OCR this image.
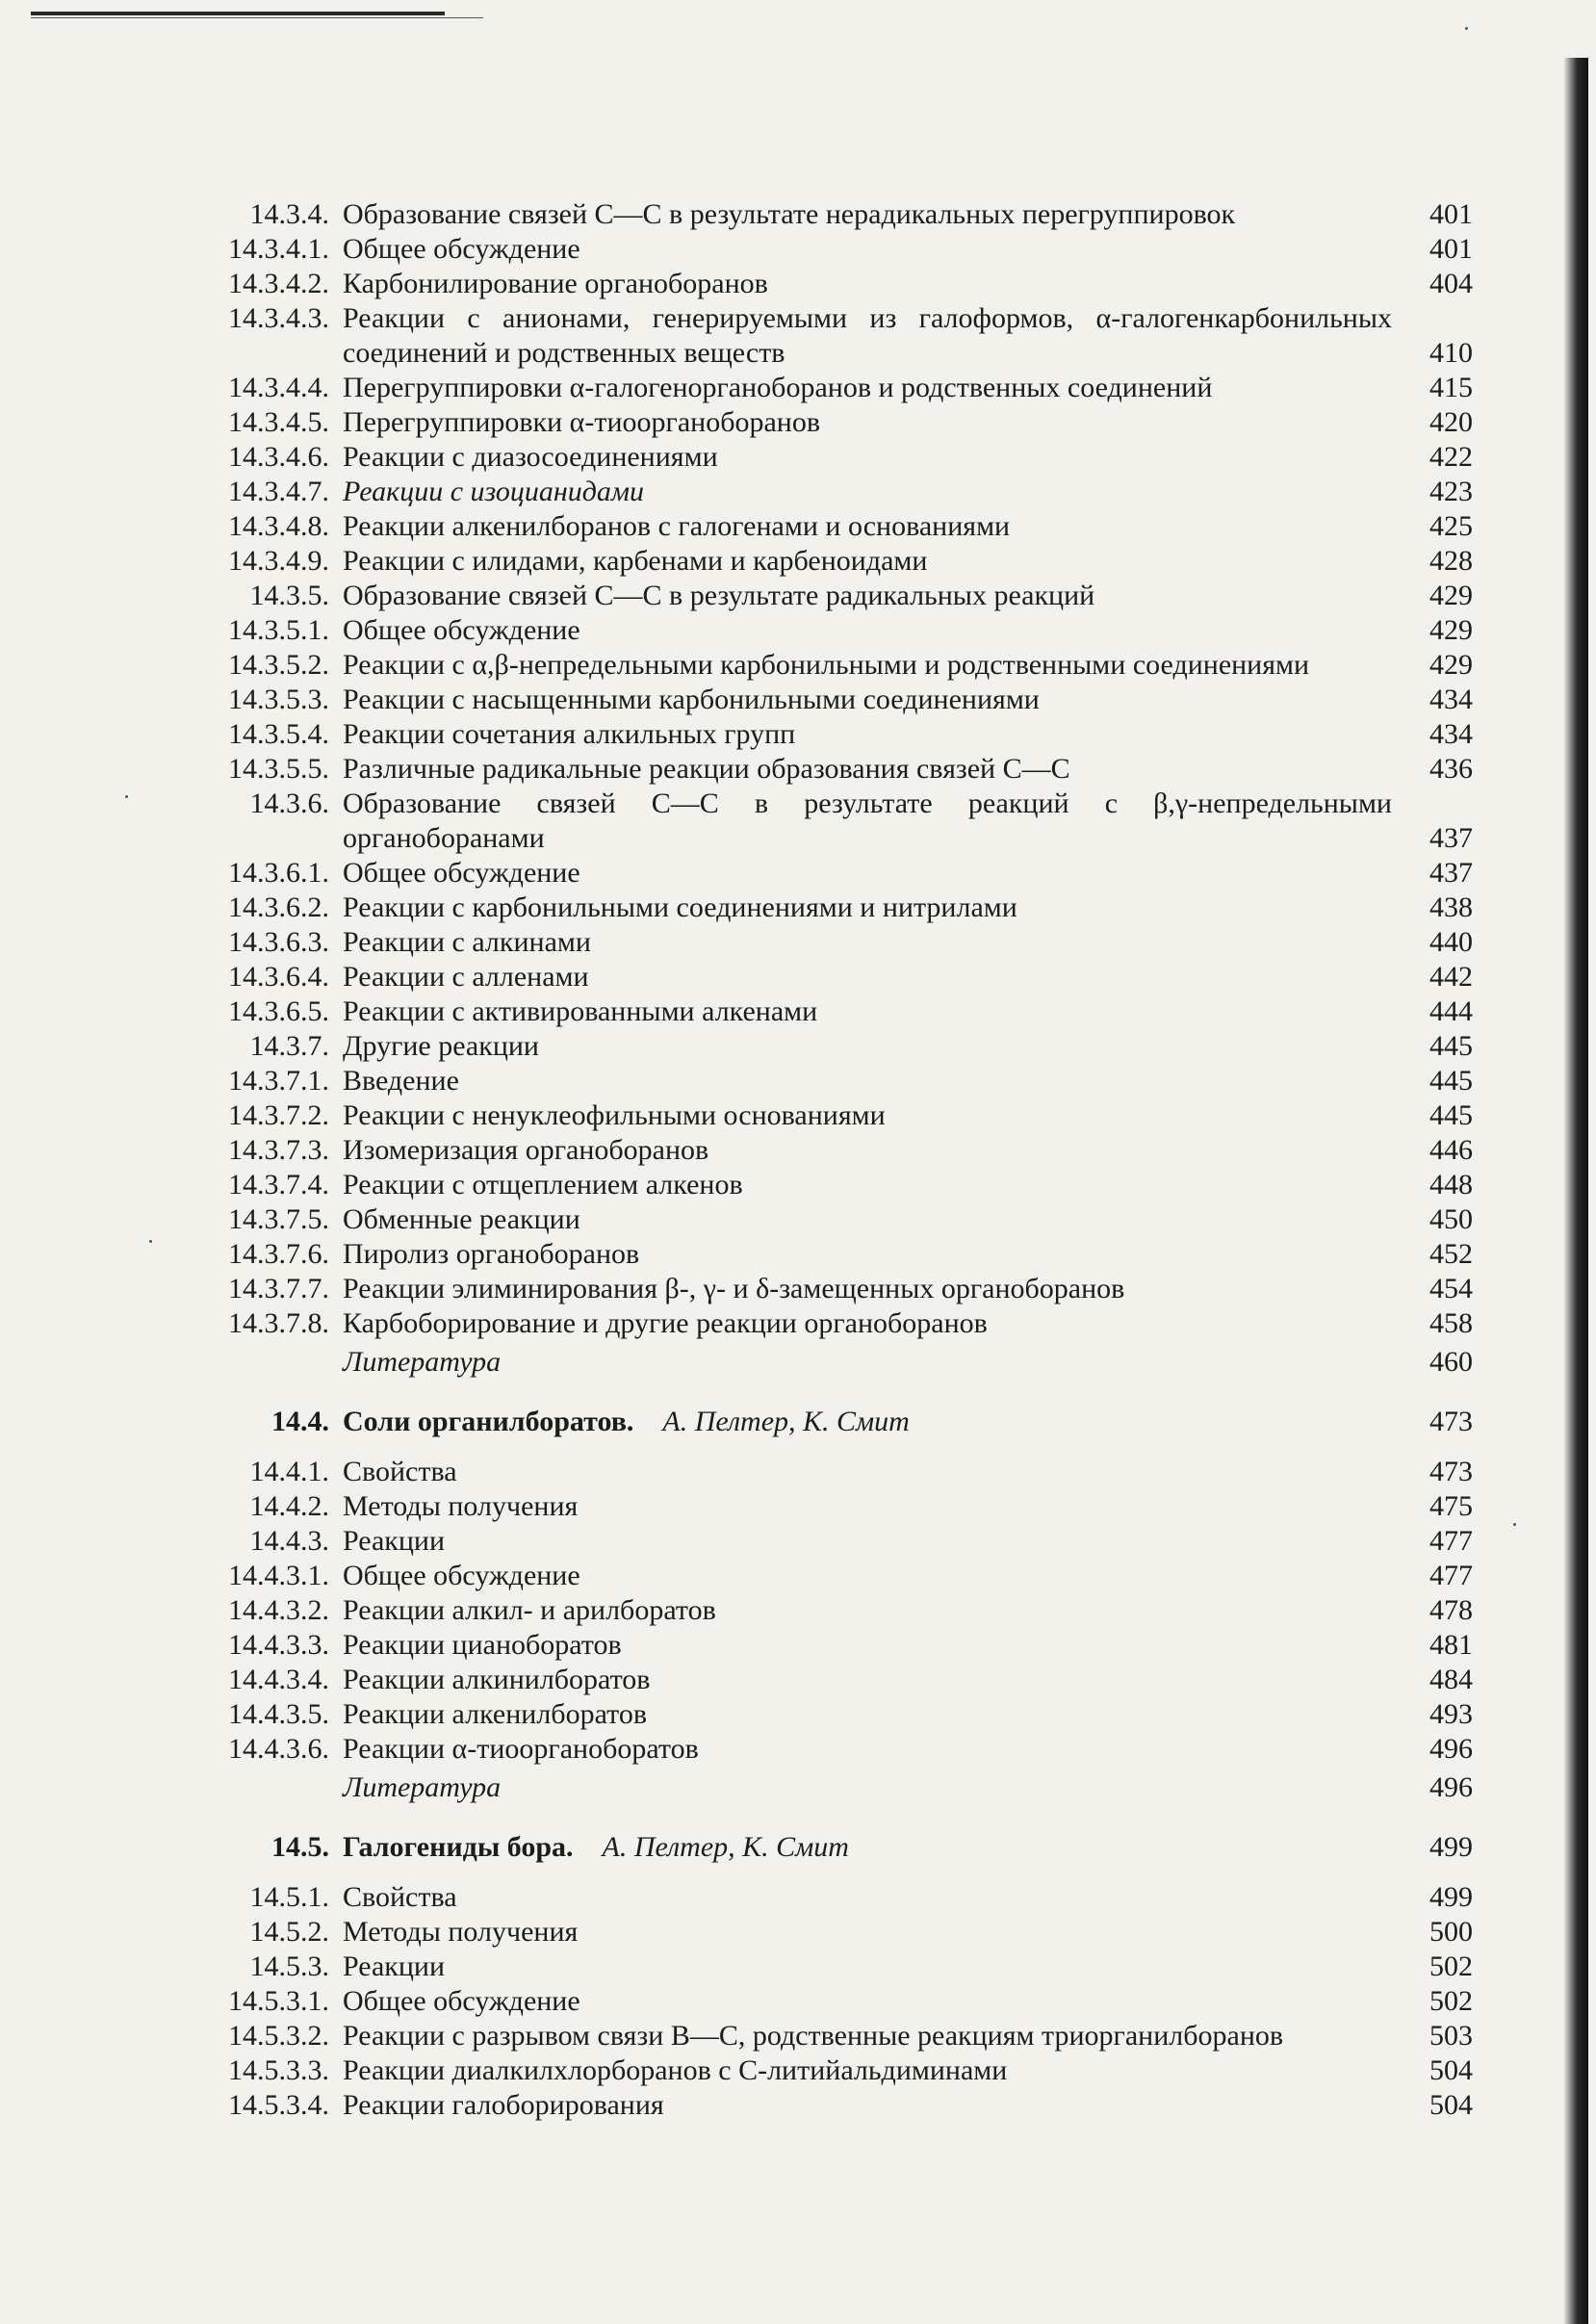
14.3.4. Образование связей С—С в результате нерадикальных перегруппировок	401
14.3.4.1. Общее обсуждение	401
14.3.4.2. Карбонилирование органоборанов	404
14.3.4.3. Реакции с анионами, генерируемыми из галоформов, α-галогенкарбонильных соединений и родственных веществ	410
14.3.4.4. Перегруппировки α-галогенорганоборанов и родственных соединений	415
14.3.4.5. Перегруппировки α-тиоорганоборанов	420
14.3.4.6. Реакции с диазосоединениями	422
14.3.4.7. Реакции с изоцианидами	423
14.3.4.8. Реакции алкенилборанов с галогенами и основаниями	425
14.3.4.9. Реакции с илидами, карбенами и карбеноидами	428
14.3.5. Образование связей С—С в результате радикальных реакций	429
14.3.5.1. Общее обсуждение	429
14.3.5.2. Реакции с α,β-непредельными карбонильными и родственными соединениями	429
14.3.5.3. Реакции с насыщенными карбонильными соединениями	434
14.3.5.4. Реакции сочетания алкильных групп	434
14.3.5.5. Различные радикальные реакции образования связей С—С	436
14.3.6. Образование связей С—С в результате реакций с β,γ-непредельными органоборанами	437
14.3.6.1. Общее обсуждение	437
14.3.6.2. Реакции с карбонильными соединениями и нитрилами	438
14.3.6.3. Реакции с алкинами	440
14.3.6.4. Реакции с алленами	442
14.3.6.5. Реакции с активированными алкенами	444
14.3.7. Другие реакции	445
14.3.7.1. Введение	445
14.3.7.2. Реакции с ненуклеофильными основаниями	445
14.3.7.3. Изомеризация органоборанов	446
14.3.7.4. Реакции с отщеплением алкенов	448
14.3.7.5. Обменные реакции	450
14.3.7.6. Пиролиз органоборанов	452
14.3.7.7. Реакции элиминирования β-, γ- и δ-замещенных органоборанов	454
14.3.7.8. Карбоборирование и другие реакции органоборанов	458
Литература	460
14.4. Соли органилборатов.  А. Пелтер, К. Смит	473
14.4.1. Свойства	473
14.4.2. Методы получения	475
14.4.3. Реакции	477
14.4.3.1. Общее обсуждение	477
14.4.3.2. Реакции алкил- и арилборатов	478
14.4.3.3. Реакции цианоборатов	481
14.4.3.4. Реакции алкинилборатов	484
14.4.3.5. Реакции алкенилборатов	493
14.4.3.6. Реакции α-тиоорганоборатов	496
Литература	496
14.5. Галогениды бора.  А. Пелтер, К. Смит	499
14.5.1. Свойства	499
14.5.2. Методы получения	500
14.5.3. Реакции	502
14.5.3.1. Общее обсуждение	502
14.5.3.2. Реакции с разрывом связи В—С, родственные реакциям триорганилборанов	503
14.5.3.3. Реакции диалкилхлорборанов с С-литийальдиминами	504
14.5.3.4. Реакции галоборирования	504
